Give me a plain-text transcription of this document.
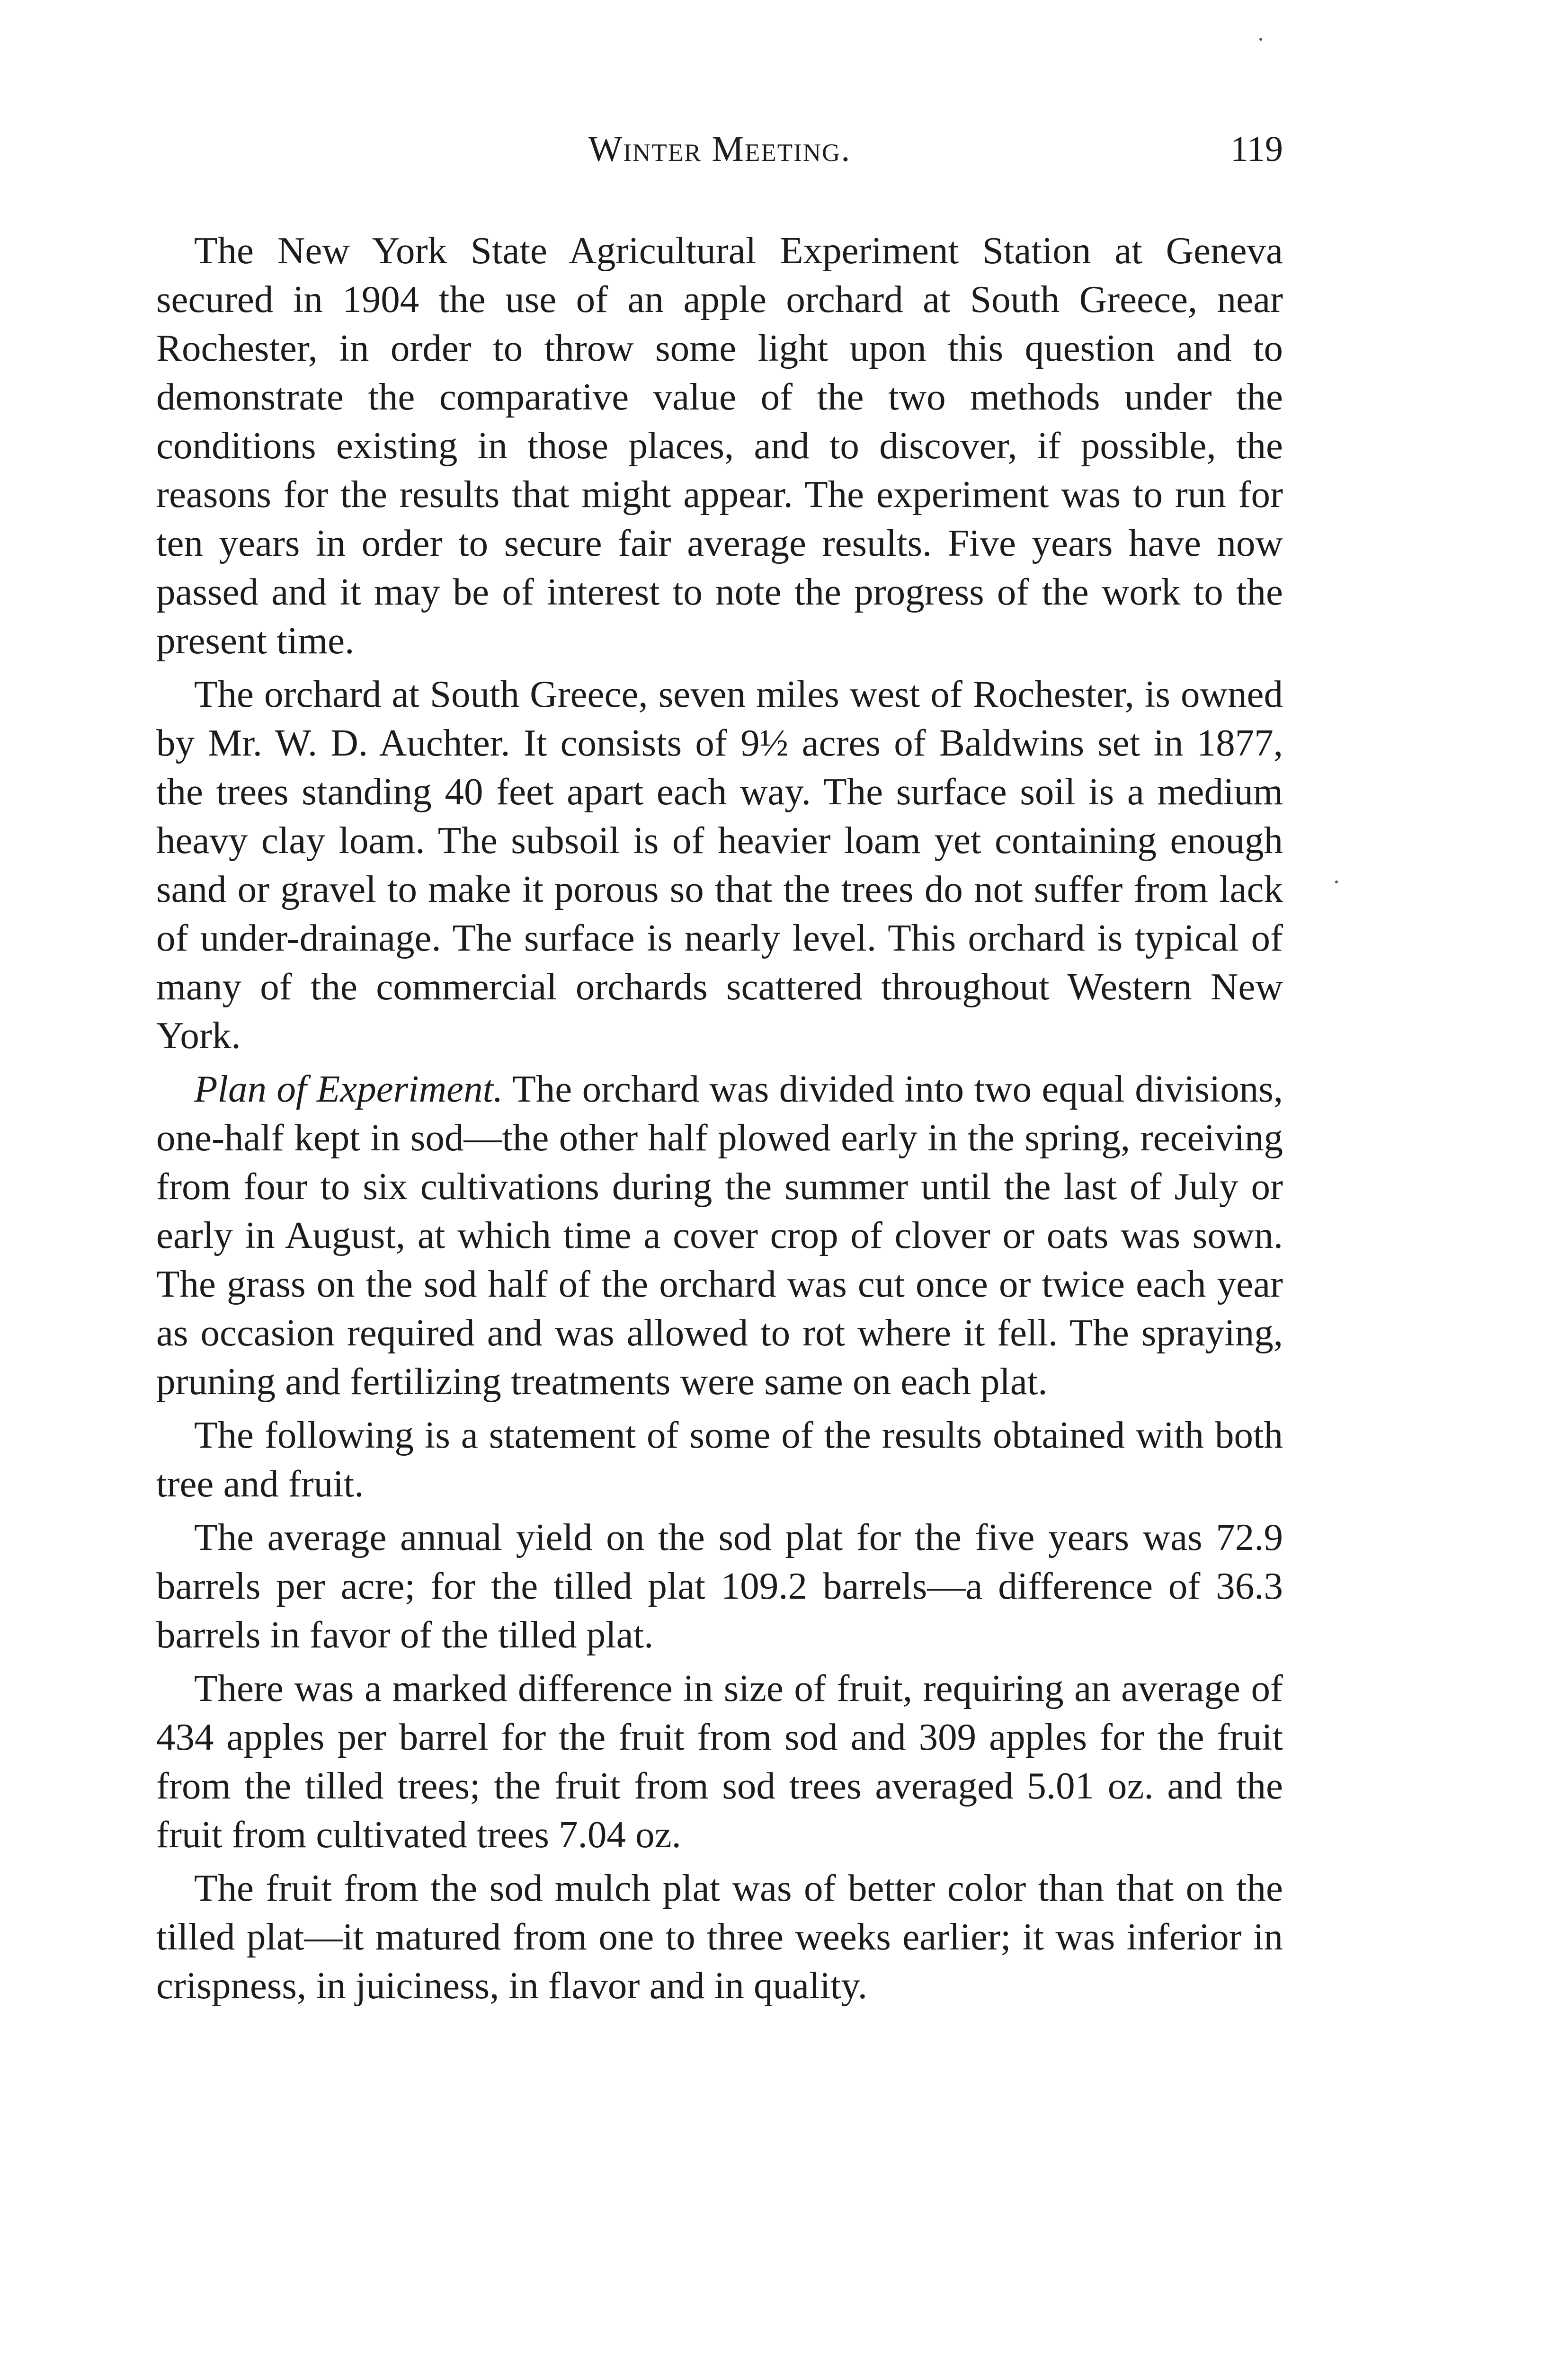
Winter Meeting.	119

The New York State Agricultural Experiment Station at Geneva secured in 1904 the use of an apple orchard at South Greece, near Rochester, in order to throw some light upon this question and to demonstrate the comparative value of the two methods under the conditions existing in those places, and to discover, if possible, the reasons for the results that might appear. The experiment was to run for ten years in order to secure fair average results. Five years have now passed and it may be of interest to note the progress of the work to the present time.

The orchard at South Greece, seven miles west of Rochester, is owned by Mr. W. D. Auchter. It consists of 9½ acres of Baldwins set in 1877, the trees standing 40 feet apart each way. The surface soil is a medium heavy clay loam. The subsoil is of heavier loam yet containing enough sand or gravel to make it porous so that the trees do not suffer from lack of under-drainage. The surface is nearly level. This orchard is typical of many of the commercial orchards scattered throughout Western New York.

Plan of Experiment. The orchard was divided into two equal divisions, one-half kept in sod—the other half plowed early in the spring, receiving from four to six cultivations during the summer until the last of July or early in August, at which time a cover crop of clover or oats was sown. The grass on the sod half of the orchard was cut once or twice each year as occasion required and was allowed to rot where it fell. The spraying, pruning and fertilizing treatments were same on each plat.

The following is a statement of some of the results obtained with both tree and fruit.

The average annual yield on the sod plat for the five years was 72.9 barrels per acre; for the tilled plat 109.2 barrels—a difference of 36.3 barrels in favor of the tilled plat.

There was a marked difference in size of fruit, requiring an average of 434 apples per barrel for the fruit from sod and 309 apples for the fruit from the tilled trees; the fruit from sod trees averaged 5.01 oz. and the fruit from cultivated trees 7.04 oz.

The fruit from the sod mulch plat was of better color than that on the tilled plat—it matured from one to three weeks earlier; it was inferior in crispness, in juiciness, in flavor and in quality.
